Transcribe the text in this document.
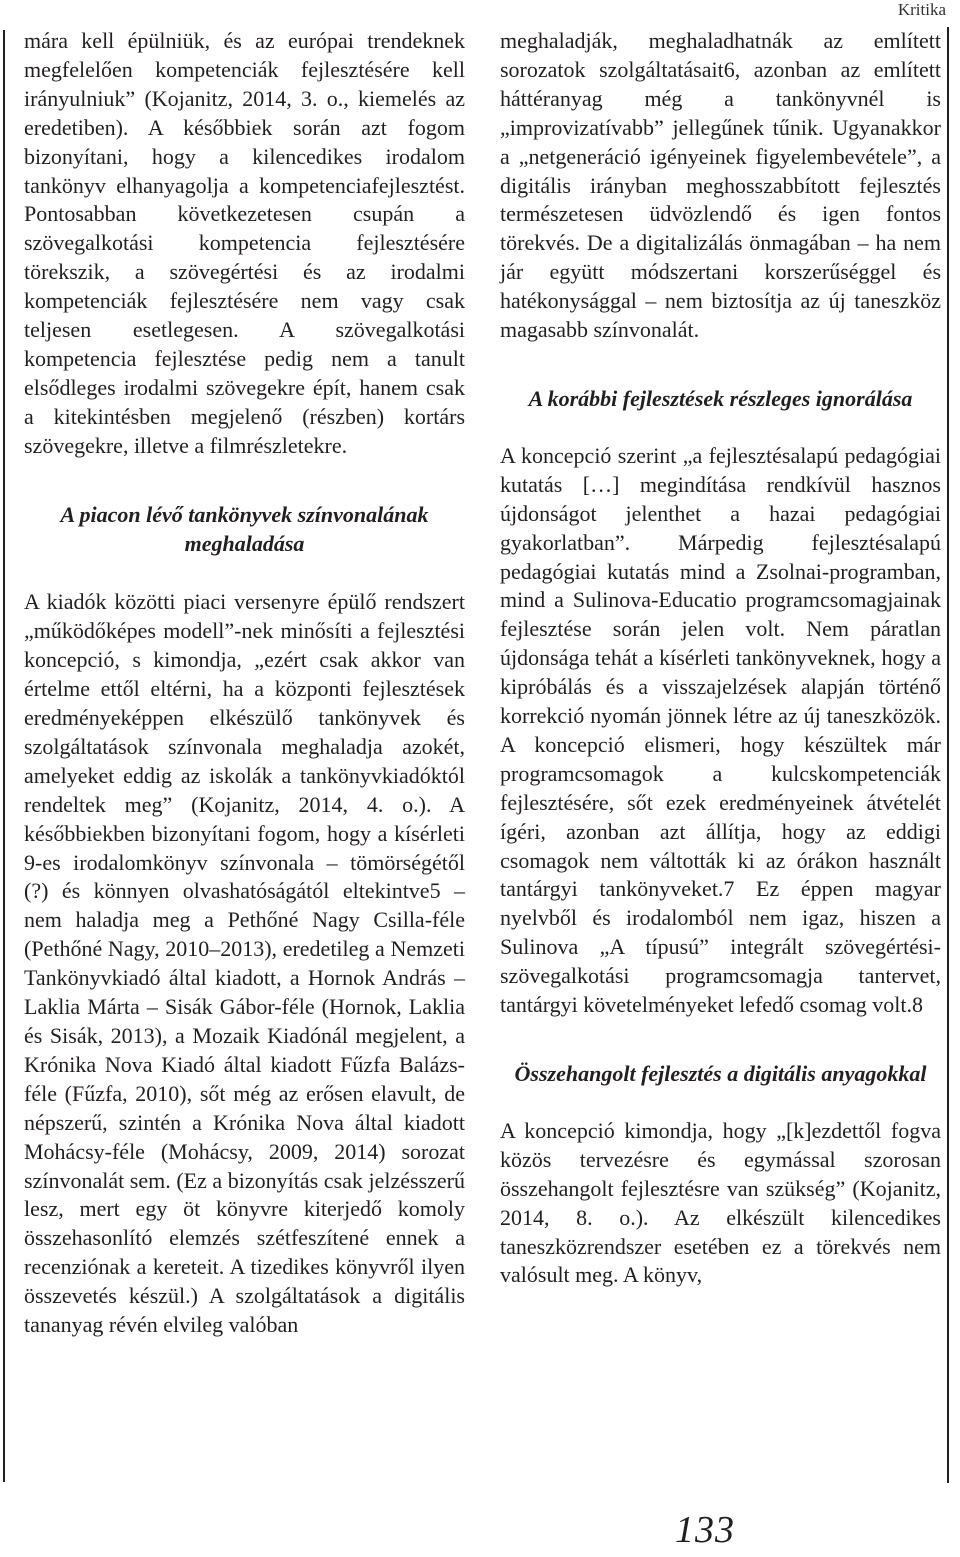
Kritika

mára kell épülniük, és az európai trendeknek megfelelően kompetenciák fejlesztésére kell irányulniuk” (Kojanitz, 2014, 3. o., kiemelés az eredetiben). A későbbiek során azt fogom bizonyítani, hogy a kilencedikes irodalom tankönyv elhanyagolja a kompetenciafejlesztést. Pontosabban következetesen csupán a szövegalkotási kompetencia fejlesztésére törekszik, a szövegértési és az irodalmi kompetenciák fejlesztésére nem vagy csak teljesen esetlegesen. A szövegalkotási kompetencia fejlesztése pedig nem a tanult elsődleges irodalmi szövegekre épít, hanem csak a kitekintésben megjelenő (részben) kortárs szövegekre, illetve a filmrészletekre.

A piacon lévő tankönyvek színvonalának meghaladása

A kiadók közötti piaci versenyre épülő rendszert „működőképes modell”-nek minősíti a fejlesztési koncepció, s kimondja, „ezért csak akkor van értelme ettől eltérni, ha a központi fejlesztések eredményeképpen elkészülő tankönyvek és szolgáltatások színvonala meghaladja azokét, amelyeket eddig az iskolák a tankönyvkiadóktól rendeltek meg” (Kojanitz, 2014, 4. o.). A későbbiekben bizonyítani fogom, hogy a kísérleti 9-es irodalomkönyv színvonala – tömörségétől (?) és könnyen olvashatóságától eltekintve5 – nem haladja meg a Pethőné Nagy Csilla-féle (Pethőné Nagy, 2010–2013), eredetileg a Nemzeti Tankönyvkiadó által kiadott, a Hornok András – Laklia Márta – Sisák Gábor-féle (Hornok, Laklia és Sisák, 2013), a Mozaik Kiadónál megjelent, a Krónika Nova Kiadó által kiadott Fűzfa Balázs-féle (Fűzfa, 2010), sőt még az erősen elavult, de népszerű, szintén a Krónika Nova által kiadott Mohácsy-féle (Mohácsy, 2009, 2014) sorozat színvonalát sem. (Ez a bizonyítás csak jelzésszerű lesz, mert egy öt könyvre kiterjedő komoly összehasonlító elemzés szétfeszítené ennek a recenziónak a kereteit. A tizedikes könyvről ilyen összevetés készül.) A szolgáltatások a digitális tananyag révén elvileg valóban

meghaladják, meghaladhatnák az említett sorozatok szolgáltatásait6, azonban az említett háttéranyag még a tankönyvnél is „improvizatívabb” jellegűnek tűnik. Ugyanakkor a „netgeneráció igényeinek figyelembevétele”, a digitális irányban meghosszabbított fejlesztés természetesen üdvözlendő és igen fontos törekvés. De a digitalizálás önmagában – ha nem jár együtt módszertani korszerűséggel és hatékonysággal – nem biztosítja az új taneszköz magasabb színvonalát.

A korábbi fejlesztések részleges ignorálása

A koncepció szerint „a fejlesztésalapú pedagógiai kutatás […] megindítása rendkívül hasznos újdonságot jelenthet a hazai pedagógiai gyakorlatban”. Márpedig fejlesztésalapú pedagógiai kutatás mind a Zsolnai-programban, mind a Sulinova-Educatio programcsomagjainak fejlesztése során jelen volt. Nem páratlan újdonsága tehát a kísérleti tankönyveknek, hogy a kipróbálás és a visszajelzések alapján történő korrekció nyomán jönnek létre az új taneszközök. A koncepció elismeri, hogy készültek már programcsomagok a kulcskompetenciák fejlesztésére, sőt ezek eredményeinek átvételét ígéri, azonban azt állítja, hogy az eddigi csomagok nem váltották ki az órákon használt tantárgyi tankönyveket.7 Ez éppen magyar nyelvből és irodalomból nem igaz, hiszen a Sulinova „A típusú” integrált szövegértési-szövegalkotási programcsomagja tantervet, tantárgyi követelményeket lefedő csomag volt.8

Összehangolt fejlesztés a digitális anyagokkal

A koncepció kimondja, hogy „[k]ezdettől fogva közös tervezésre és egymással szorosan összehangolt fejlesztésre van szükség” (Kojanitz, 2014, 8. o.). Az elkészült kilencedikes taneszközrendszer esetében ez a törekvés nem valósult meg. A könyv,

133
